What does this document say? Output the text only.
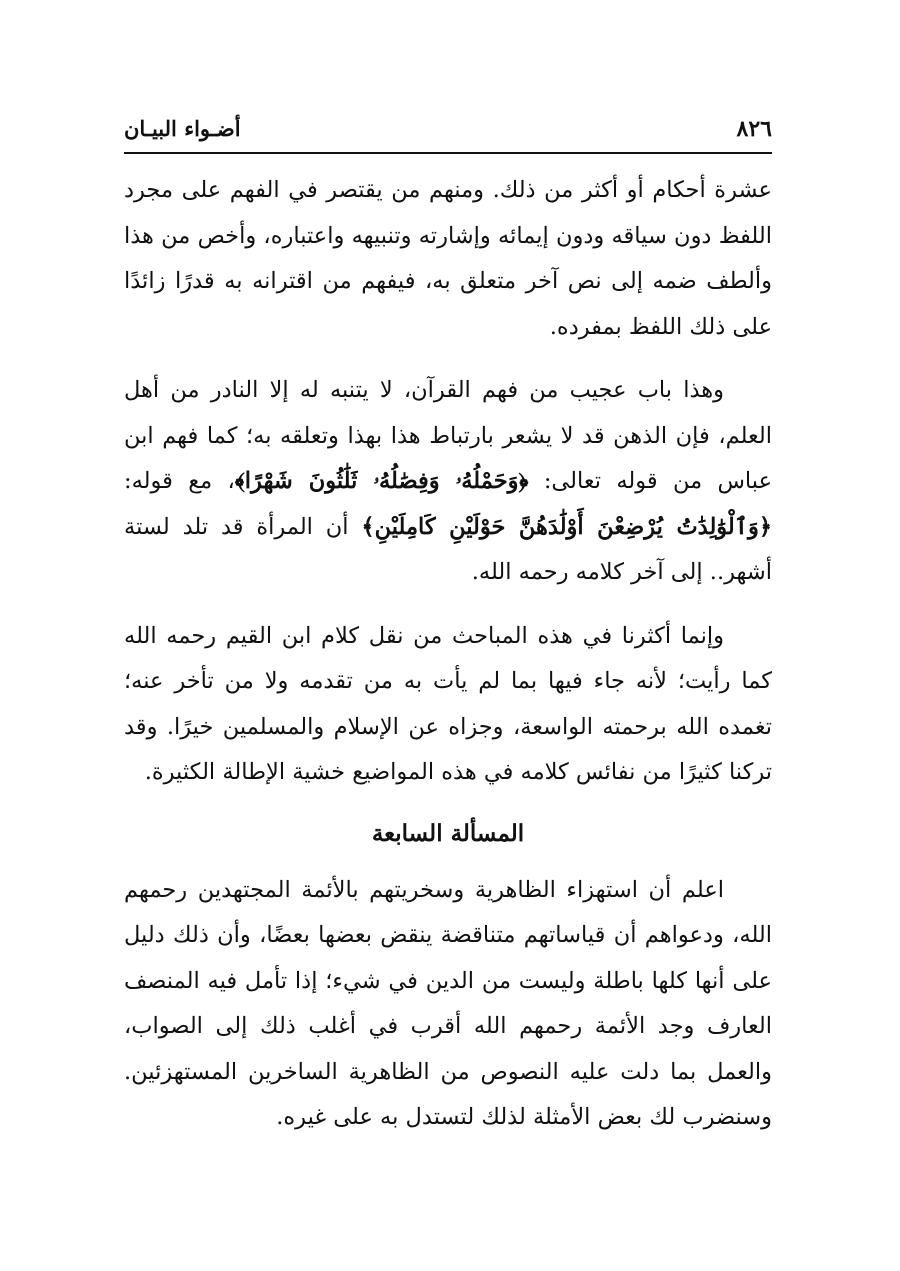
٨٢٦
أضـواء البيـان

عشرة أحكام أو أكثر من ذلك. ومنهم من يقتصر في الفهم على مجرد اللفظ دون سياقه ودون إيمائه وإشارته وتنبيهه واعتباره، وأخص من هذا وألطف ضمه إلى نص آخر متعلق به، فيفهم من اقترانه به قدرًا زائدًا على ذلك اللفظ بمفرده.

وهذا باب عجيب من فهم القرآن، لا يتنبه له إلا النادر من أهل العلم، فإن الذهن قد لا يشعر بارتباط هذا بهذا وتعلقه به؛ كما فهم ابن عباس من قوله تعالى: ﴿وَحَمْلُهُۥ وَفِصَٰلُهُۥ ثَلَٰثُونَ شَهْرًا﴾، مع قوله: ﴿وَٱلْوَٰلِدَٰتُ يُرْضِعْنَ أَوْلَٰدَهُنَّ حَوْلَيْنِ كَامِلَيْنِ﴾ أن المرأة قد تلد لستة أشهر.. إلى آخر كلامه رحمه الله.

وإنما أكثرنا في هذه المباحث من نقل كلام ابن القيم رحمه الله كما رأيت؛ لأنه جاء فيها بما لم يأت به من تقدمه ولا من تأخر عنه؛ تغمده الله برحمته الواسعة، وجزاه عن الإسلام والمسلمين خيرًا. وقد تركنا كثيرًا من نفائس كلامه في هذه المواضيع خشية الإطالة الكثيرة.

المسألة السابعة

اعلم أن استهزاء الظاهرية وسخريتهم بالأئمة المجتهدين رحمهم الله، ودعواهم أن قياساتهم متناقضة ينقض بعضها بعضًا، وأن ذلك دليل على أنها كلها باطلة وليست من الدين في شيء؛ إذا تأمل فيه المنصف العارف وجد الأئمة رحمهم الله أقرب في أغلب ذلك إلى الصواب، والعمل بما دلت عليه النصوص من الظاهرية الساخرين المستهزئين. وسنضرب لك بعض الأمثلة لذلك لتستدل به على غيره.
